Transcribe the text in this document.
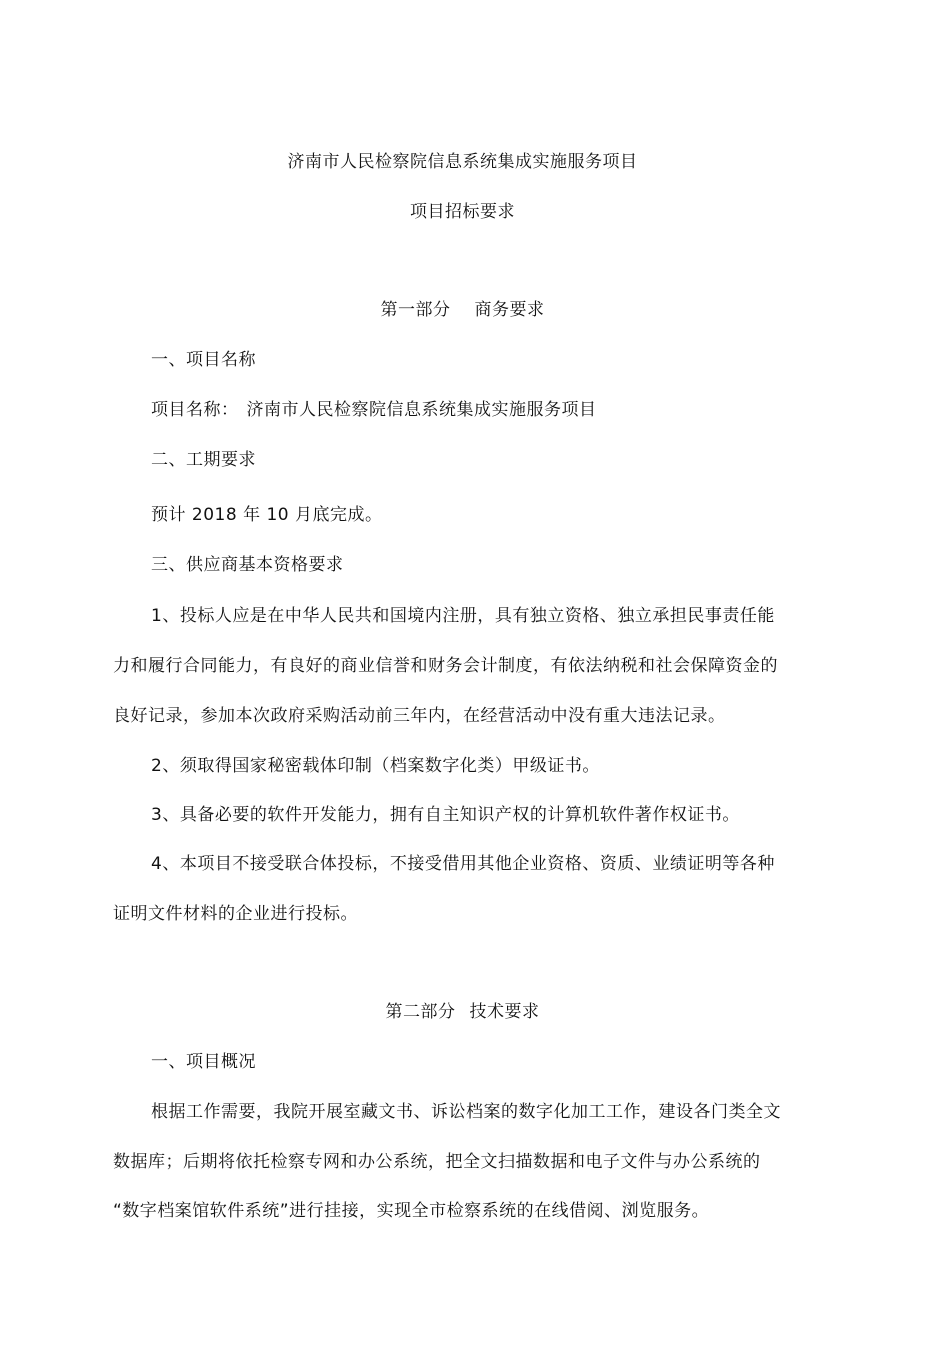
济南市人民检察院信息系统集成实施服务项目
项目招标要求
第一部分 商务要求
一、项目名称
项目名称： 济南市人民检察院信息系统集成实施服务项目
二、工期要求
预计 2018 年 10 月底完成。
三、供应商基本资格要求
1、投标人应是在中华人民共和国境内注册，具有独立资格、独立承担民事责任能
力和履行合同能力，有良好的商业信誉和财务会计制度，有依法纳税和社会保障资金的
良好记录，参加本次政府采购活动前三年内，在经营活动中没有重大违法记录。
2、须取得国家秘密载体印制（档案数字化类）甲级证书。
3、具备必要的软件开发能力，拥有自主知识产权的计算机软件著作权证书。
4、本项目不接受联合体投标，不接受借用其他企业资格、资质、业绩证明等各种
证明文件材料的企业进行投标。
第二部分 技术要求
一、项目概况
根据工作需要，我院开展室藏文书、诉讼档案的数字化加工工作，建设各门类全文
数据库；后期将依托检察专网和办公系统，把全文扫描数据和电子文件与办公系统的
“数字档案馆软件系统”进行挂接，实现全市检察系统的在线借阅、浏览服务。
